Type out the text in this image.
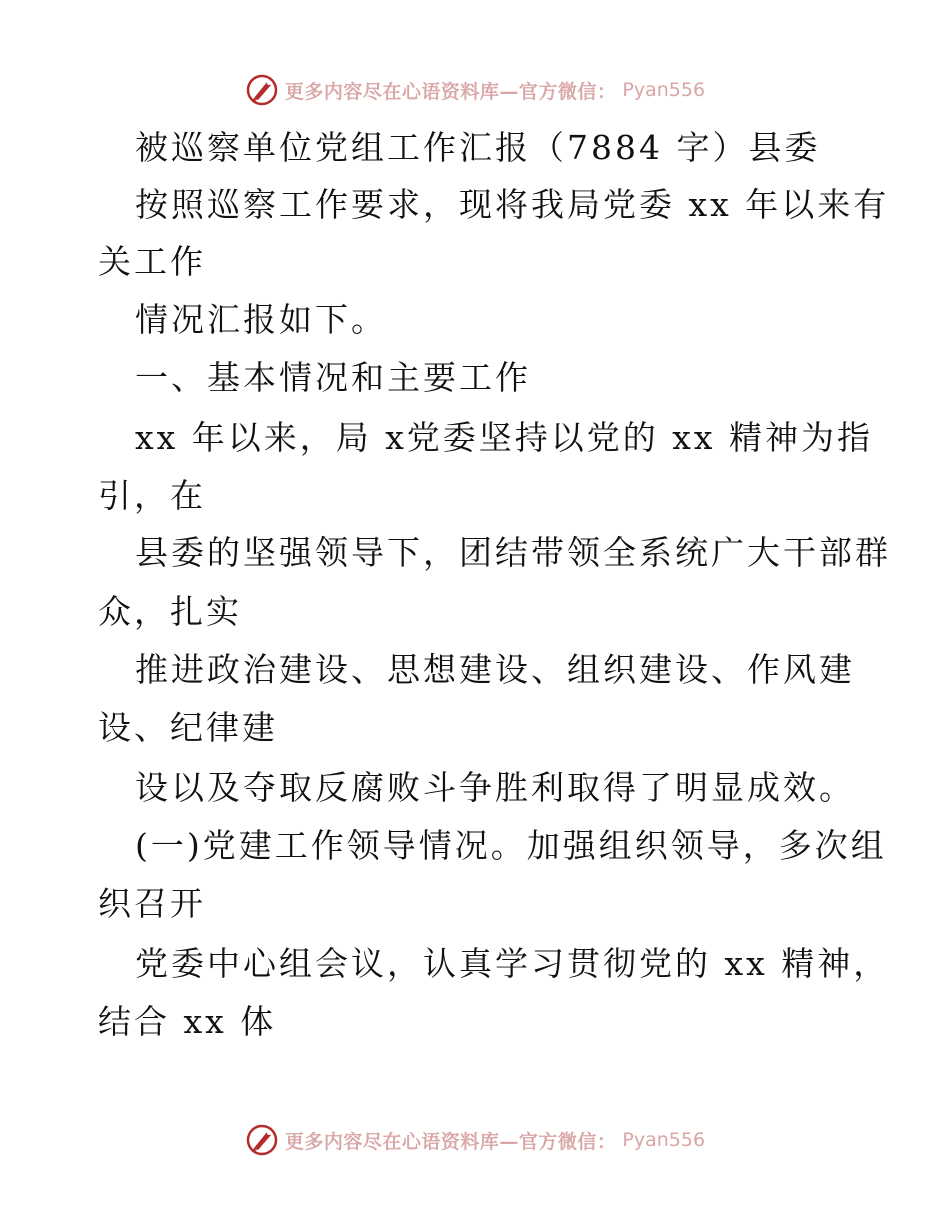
更多内容尽在心语资料库—官方微信： Pyan556
被巡察单位党组工作汇报（7884 字）县委
按照巡察工作要求，现将我局党委 xx 年以来有
关工作
情况汇报如下。
一、基本情况和主要工作
xx 年以来，局 x党委坚持以党的 xx 精神为指
引，在
县委的坚强领导下，团结带领全系统广大干部群
众，扎实
推进政治建设、思想建设、组织建设、作风建
设、纪律建
设以及夺取反腐败斗争胜利取得了明显成效。
(一)党建工作领导情况。加强组织领导，多次组
织召开
党委中心组会议，认真学习贯彻党的 xx 精神，
结合 xx 体
更多内容尽在心语资料库—官方微信： Pyan556
